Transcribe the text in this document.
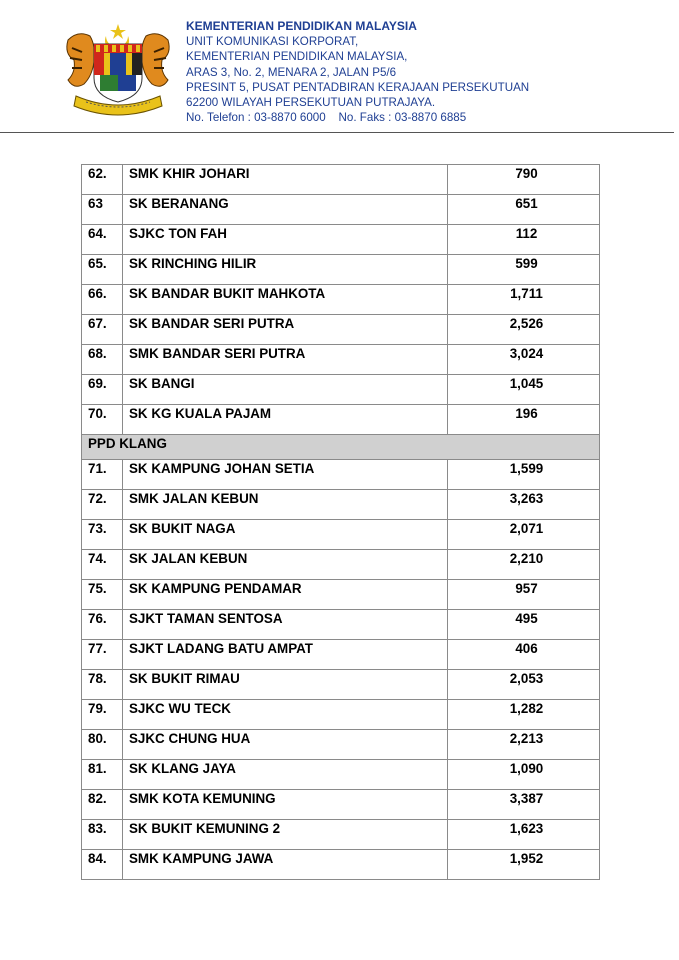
KEMENTERIAN PENDIDIKAN MALAYSIA
UNIT KOMUNIKASI KORPORAT,
KEMENTERIAN PENDIDIKAN MALAYSIA,
ARAS 3, No. 2, MENARA 2, JALAN P5/6
PRESINT 5, PUSAT PENTADBIRAN KERAJAAN PERSEKUTUAN
62200 WILAYAH PERSEKUTUAN PUTRAJAYA.
No. Telefon : 03-8870 6000    No. Faks : 03-8870 6885
62.	SMK KHIR JOHARI	790
63	SK BERANANG	651
64.	SJKC TON FAH	112
65.	SK RINCHING HILIR	599
66.	SK BANDAR BUKIT MAHKOTA	1,711
67.	SK BANDAR SERI PUTRA	2,526
68.	SMK BANDAR SERI PUTRA	3,024
69.	SK BANGI	1,045
70.	SK KG KUALA PAJAM	196
PPD KLANG		
71.	SK KAMPUNG JOHAN SETIA	1,599
72.	SMK JALAN KEBUN	3,263
73.	SK BUKIT NAGA	2,071
74.	SK JALAN KEBUN	2,210
75.	SK KAMPUNG PENDAMAR	957
76.	SJKT TAMAN SENTOSA	495
77.	SJKT LADANG BATU AMPAT	406
78.	SK BUKIT RIMAU	2,053
79.	SJKC WU TECK	1,282
80.	SJKC CHUNG HUA	2,213
81.	SK KLANG JAYA	1,090
82.	SMK KOTA KEMUNING	3,387
83.	SK BUKIT KEMUNING 2	1,623
84.	SMK KAMPUNG JAWA	1,952
